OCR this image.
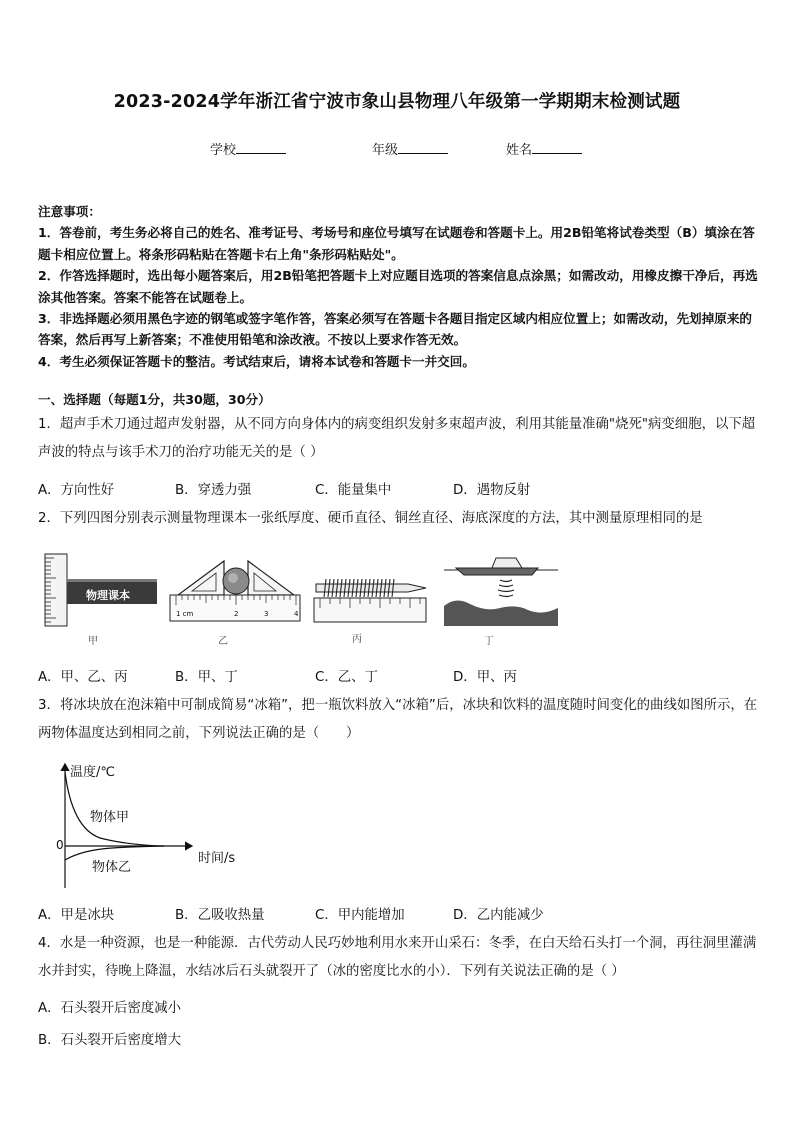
2023-2024学年浙江省宁波市象山县物理八年级第一学期期末检测试题
学校	年级	姓名
注意事项：
1．答卷前，考生务必将自己的姓名、准考证号、考场号和座位号填写在试题卷和答题卡上。用2B铅笔将试卷类型（B）填涂在答题卡相应位置上。将条形码粘贴在答题卡右上角"条形码粘贴处"。
2．作答选择题时，选出每小题答案后，用2B铅笔把答题卡上对应题目选项的答案信息点涂黑；如需改动，用橡皮擦干净后，再选涂其他答案。答案不能答在试题卷上。
3．非选择题必须用黑色字迹的钢笔或签字笔作答，答案必须写在答题卡各题目指定区域内相应位置上；如需改动，先划掉原来的答案，然后再写上新答案；不准使用铅笔和涂改液。不按以上要求作答无效。
4．考生必须保证答题卡的整洁。考试结束后，请将本试卷和答题卡一并交回。
一、选择题（每题1分，共30题，30分）
1．超声手术刀通过超声发射器，从不同方向身体内的病变组织发射多束超声波，利用其能量准确"烧死"病变细胞，以下超声波的特点与该手术刀的治疗功能无关的是（ ）
A．方向性好	B．穿透力强	C．能量集中	D．遇物反射
2．下列四图分别表示测量物理课本一张纸厚度、硬币直径、铜丝直径、海底深度的方法，其中测量原理相同的是
物理课本
甲
1 cm	2	3	4
乙	丙	丁
A．甲、乙、丙	B．甲、丁	C．乙、丁	D．甲、丙
3．将冰块放在泡沫箱中可制成简易“冰箱”，把一瓶饮料放入“冰箱”后，冰块和饮料的温度随时间变化的曲线如图所示，在两物体温度达到相同之前，下列说法正确的是（　　）
温度/℃
0
物体甲
物体乙
时间/s
A．甲是冰块	B．乙吸收热量	C．甲内能增加	D．乙内能减少
4．水是一种资源，也是一种能源．古代劳动人民巧妙地利用水来开山采石：冬季，在白天给石头打一个洞，再往洞里灌满水并封实，待晚上降温，水结冰后石头就裂开了（冰的密度比水的小）．下列有关说法正确的是（ ）
A．石头裂开后密度减小
B．石头裂开后密度增大
